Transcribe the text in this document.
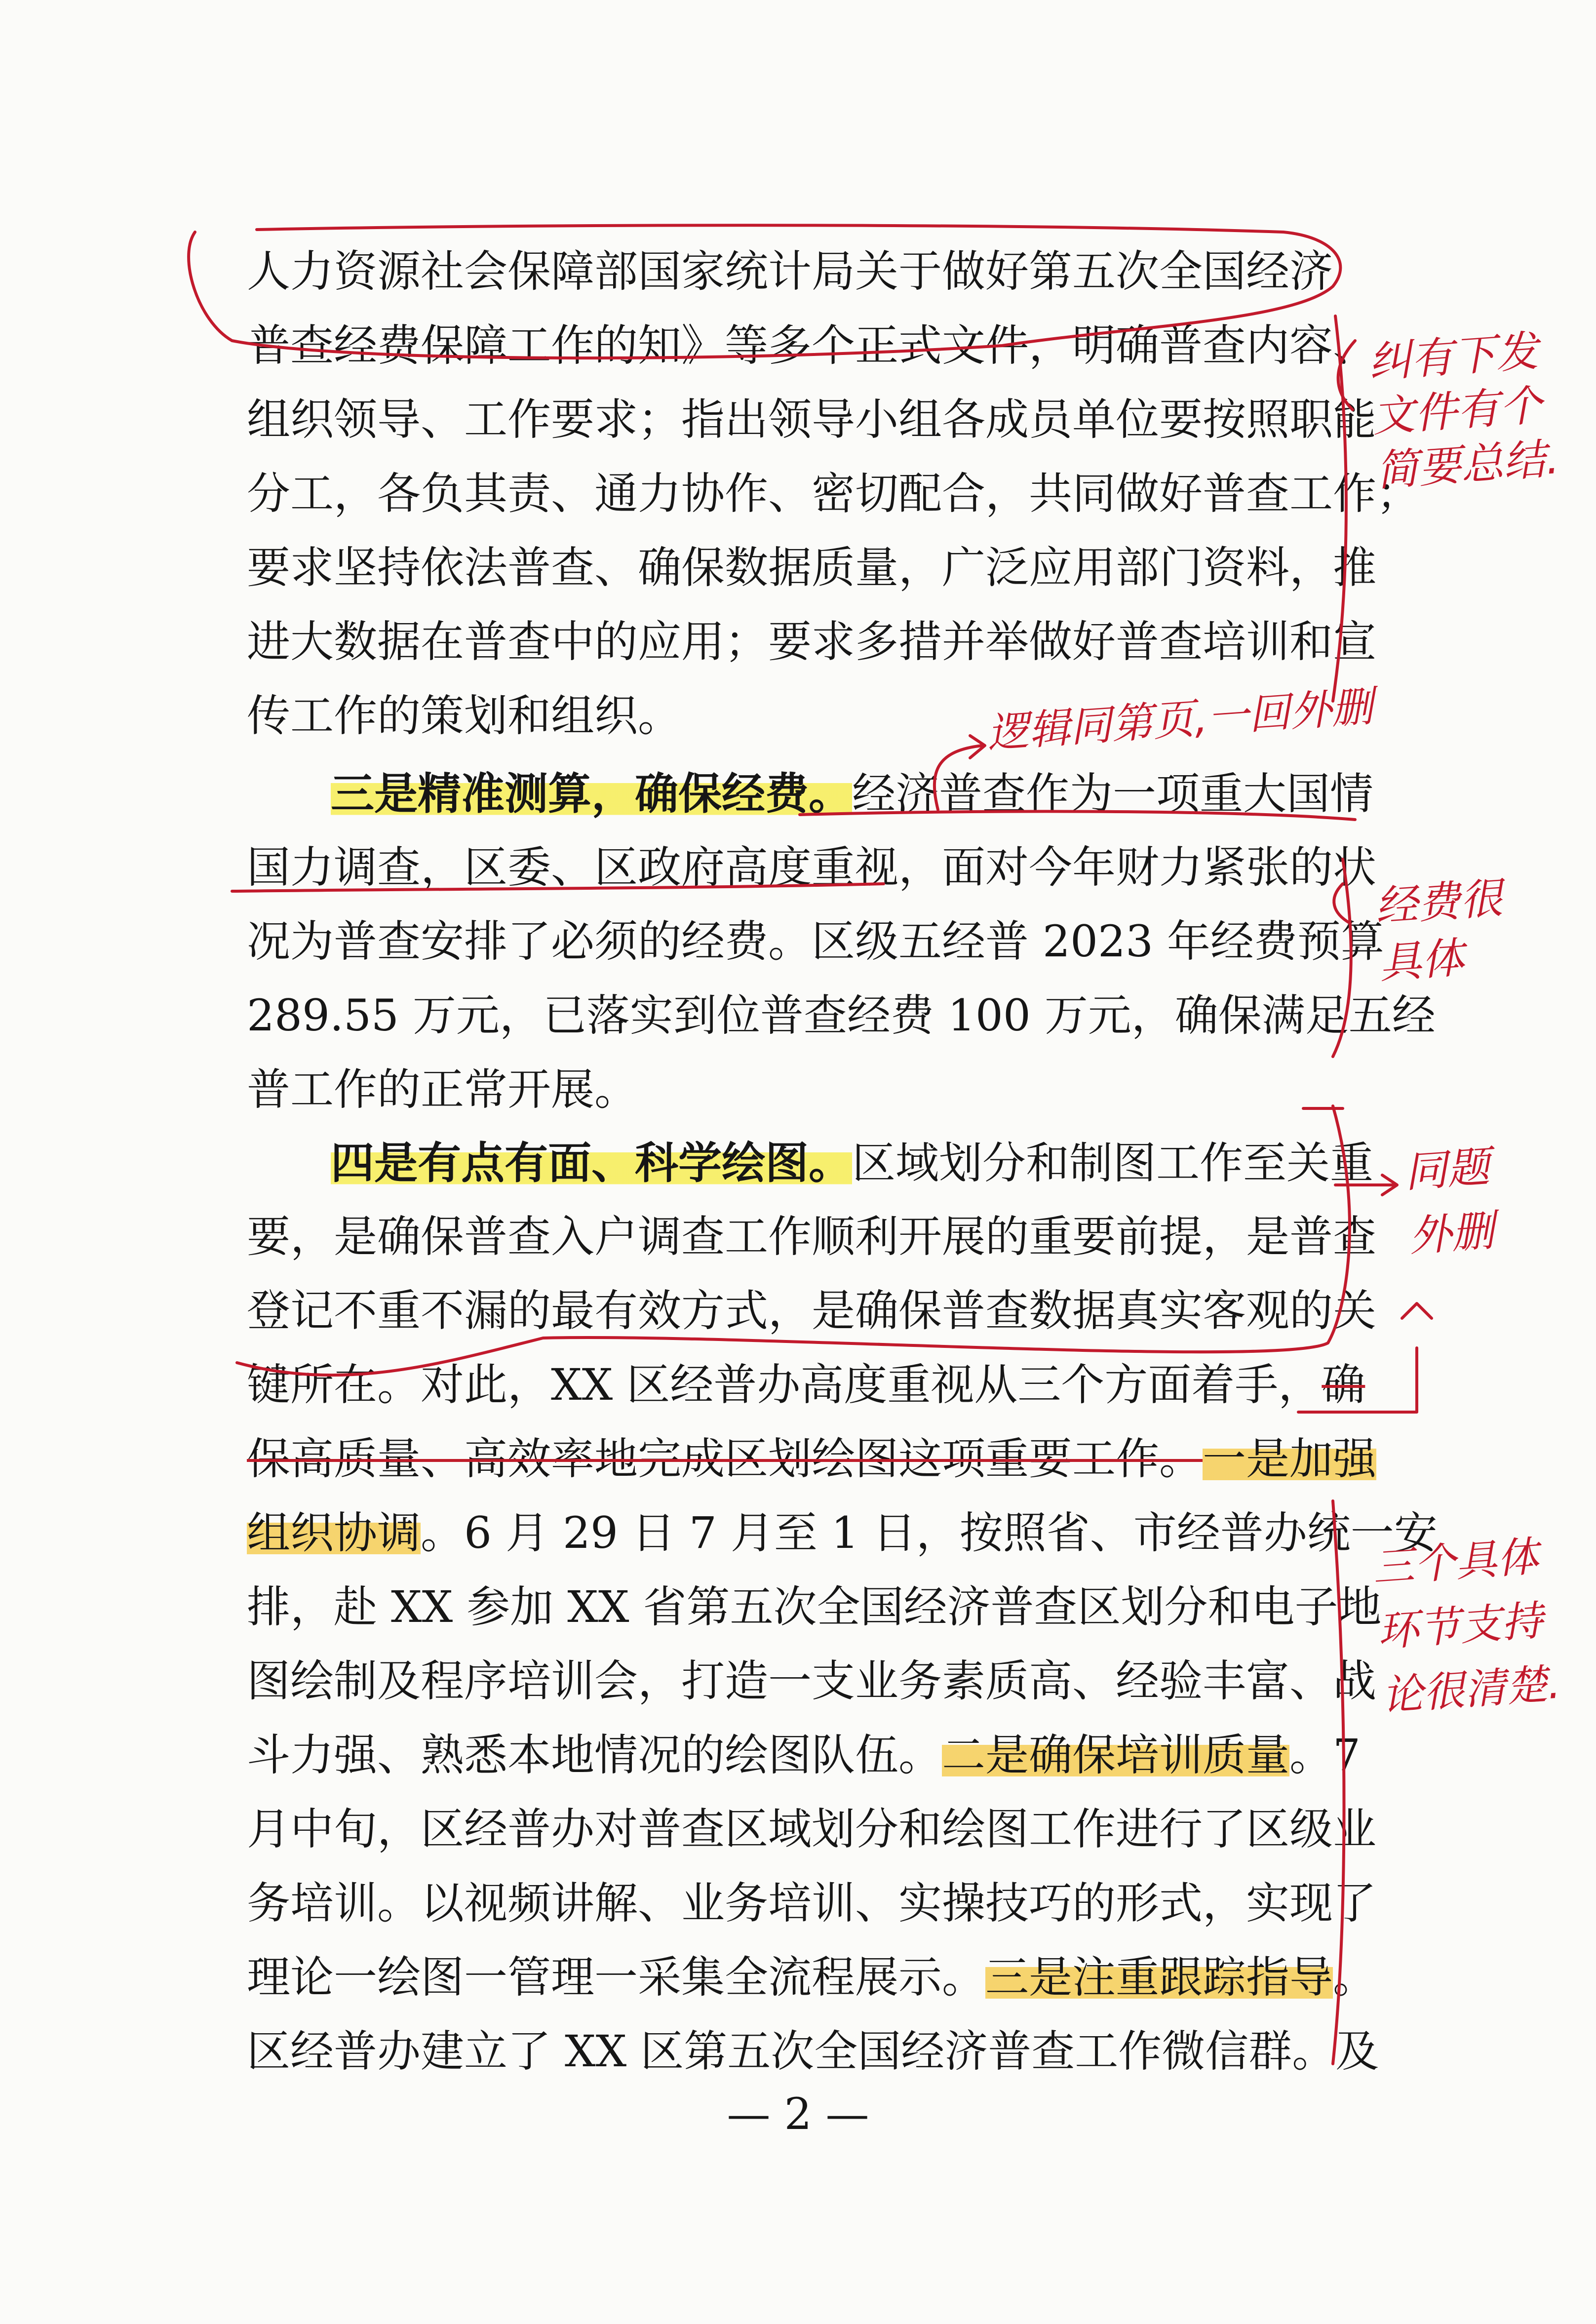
人力资源社会保障部国家统计局关于做好第五次全国经济
普查经费保障工作的知》等多个正式文件，明确普查内容、
组织领导、工作要求；指出领导小组各成员单位要按照职能
分工，各负其责、通力协作、密切配合，共同做好普查工作；
要求坚持依法普查、确保数据质量，广泛应用部门资料，推
进大数据在普查中的应用；要求多措并举做好普查培训和宣
传工作的策划和组织。
三是精准测算，确保经费。经济普查作为一项重大国情
国力调查，区委、区政府高度重视，面对今年财力紧张的状
况为普查安排了必须的经费。区级五经普 2023 年经费预算
289.55 万元，已落实到位普查经费 100 万元，确保满足五经
普工作的正常开展。
四是有点有面、科学绘图。区域划分和制图工作至关重
要，是确保普查入户调查工作顺利开展的重要前提，是普查
登记不重不漏的最有效方式，是确保普查数据真实客观的关
键所在。对此，XX 区经普办高度重视从三个方面着手，确
保高质量、高效率地完成区划绘图这项重要工作。一是加强
组织协调。6 月 29 日 7 月至 1 日，按照省、市经普办统一安
排，赴 XX 参加 XX 省第五次全国经济普查区划分和电子地
图绘制及程序培训会，打造一支业务素质高、经验丰富、战
斗力强、熟悉本地情况的绘图队伍。二是确保培训质量。7
月中旬，区经普办对普查区域划分和绘图工作进行了区级业
务培训。以视频讲解、业务培训、实操技巧的形式，实现了
理论一绘图一管理一采集全流程展示。三是注重跟踪指导。
区经普办建立了 XX 区第五次全国经济普查工作微信群。及
— 2 —
纠有下发
文件有个
简要总结.
逻辑同第页,一回外删
经费很
具体
同题
外删
三个具体
环节支持
论很清楚.
